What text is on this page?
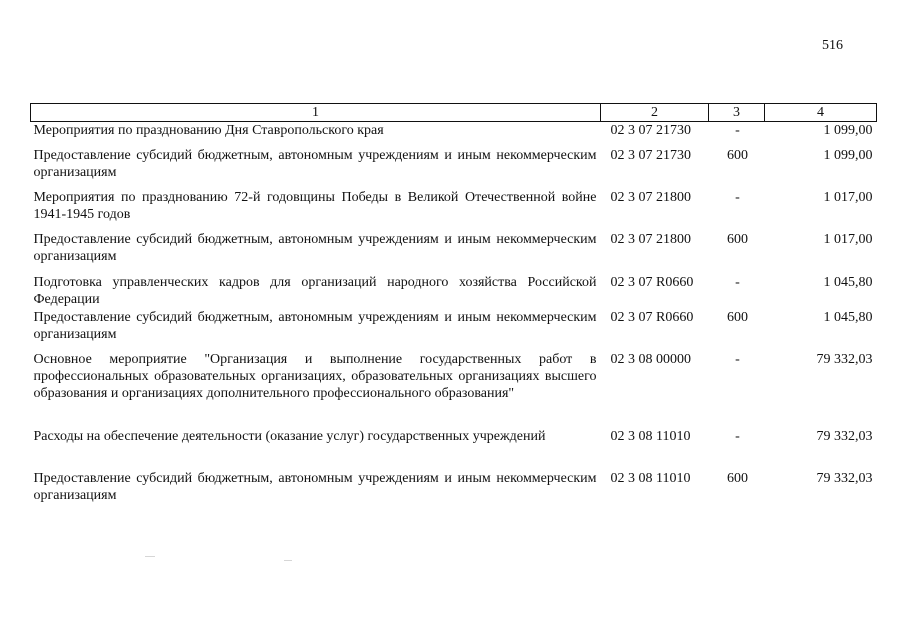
516
1	2	3	4
Мероприятия по празднованию Дня Ставропольского края	02 3 07 21730	-	1 099,00
Предоставление субсидий бюджетным, автономным учреждениям и иным некоммерческим организациям	02 3 07 21730	600	1 099,00
Мероприятия по празднованию 72-й годовщины Победы в Великой Отечественной войне 1941-1945 годов	02 3 07 21800	-	1 017,00
Предоставление субсидий бюджетным, автономным учреждениям и иным некоммерческим организациям	02 3 07 21800	600	1 017,00
Подготовка управленческих кадров для организаций народного хозяйства Российской Федерации	02 3 07 R0660	-	1 045,80
Предоставление субсидий бюджетным, автономным учреждениям и иным некоммерческим организациям	02 3 07 R0660	600	1 045,80
Основное мероприятие "Организация и выполнение государственных работ в профессиональных образовательных организациях, образовательных организациях высшего образования и организациях дополнительного профессионального образования"	02 3 08 00000	-	79 332,03
Расходы на обеспечение деятельности (оказание услуг) государственных учреждений	02 3 08 11010	-	79 332,03
Предоставление субсидий бюджетным, автономным учреждениям и иным некоммерческим организациям	02 3 08 11010	600	79 332,03
